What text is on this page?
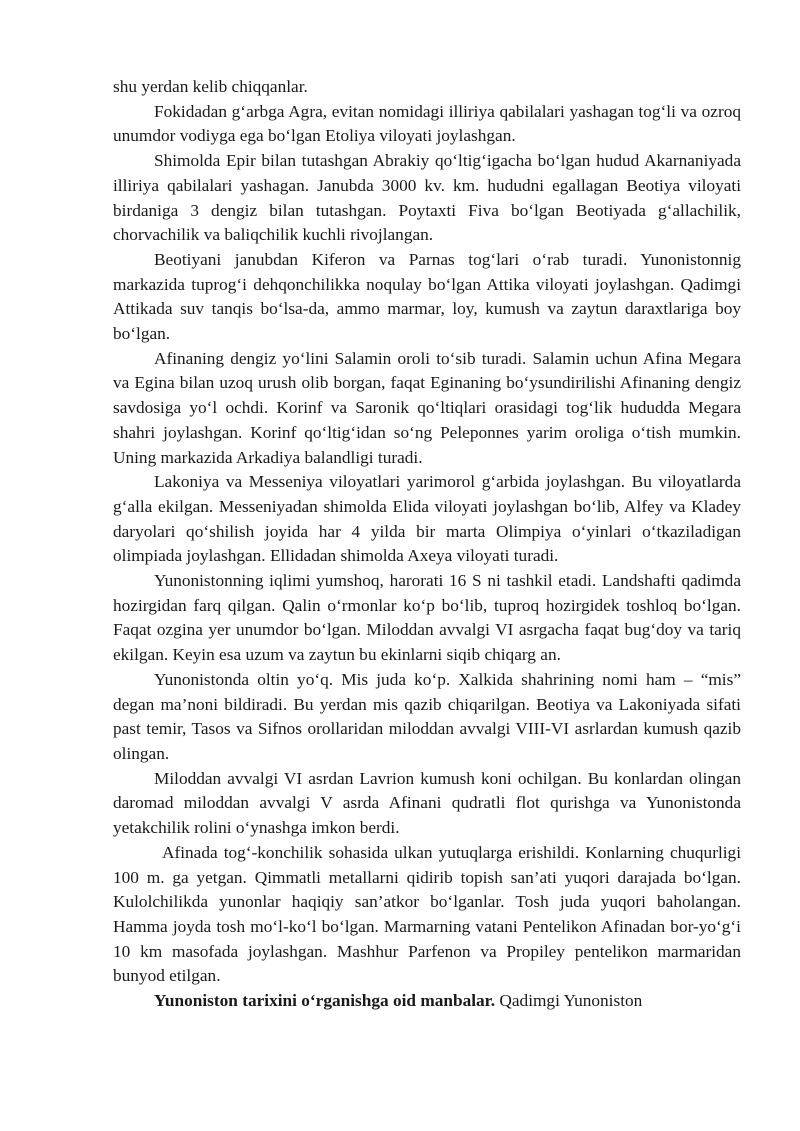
shu yerdan kelib chiqqanlar.

Fokidadan g‘arbga Agra, evitan nomidagi illiriya qabilalari yashagan tog‘li va ozroq unumdor vodiyga ega bo‘lgan Etoliya viloyati joylashgan.

Shimolda Epir bilan tutashgan Abrakiy qo‘ltig‘igacha bo‘lgan hudud Akarnaniyada illiriya qabilalari yashagan. Janubda 3000 kv. km. hududni egallagan Beotiya viloyati birdaniga 3 dengiz bilan tutashgan. Poytaxti Fiva bo‘lgan Beotiyada g‘allachilik, chorvachilik va baliqchilik kuchli rivojlangan.

Beotiyani janubdan Kiferon va Parnas tog‘lari o‘rab turadi. Yunonistonnig markazida tuprog‘i dehqonchilikka noqulay bo‘lgan Attika viloyati joylashgan. Qadimgi Attikada suv tanqis bo‘lsa-da, ammo marmar, loy, kumush va zaytun daraxtlariga boy bo‘lgan.

Afinaning dengiz yo‘lini Salamin oroli to‘sib turadi. Salamin uchun Afina Megara va Egina bilan uzoq urush olib borgan, faqat Eginaning bo‘ysundirilishi Afinaning dengiz savdosiga yo‘l ochdi. Korinf va Saronik qo‘ltiqlari orasidagi tog‘lik hududda Megara shahri joylashgan. Korinf qo‘ltig‘idan so‘ng Peleponnes yarim oroliga o‘tish mumkin. Uning markazida Arkadiya balandligi turadi.

Lakoniya va Messeniya viloyatlari yarimorol g‘arbida joylashgan. Bu viloyatlarda g‘alla ekilgan. Messeniyadan shimolda Elida viloyati joylashgan bo‘lib, Alfey va Kladey daryolari qo‘shilish joyida har 4 yilda bir marta Olimpiya o‘yinlari o‘tkaziladigan olimpiada joylashgan. Ellidadan shimolda Axeya viloyati turadi.

Yunonistonning iqlimi yumshoq, harorati 16 S ni tashkil etadi. Landshafti qadimda hozirgidan farq qilgan. Qalin o‘rmonlar ko‘p bo‘lib, tuproq hozirgidek toshloq bo‘lgan. Faqat ozgina yer unumdor bo‘lgan. Miloddan avvalgi VI asrgacha faqat bug‘doy va tariq ekilgan. Keyin esa uzum va zaytun bu ekinlarni siqib chiqarg an.

Yunonistonda oltin yo‘q. Mis juda ko‘p. Xalkida shahrining nomi ham – “mis” degan ma’noni bildiradi. Bu yerdan mis qazib chiqarilgan. Beotiya va Lakoniyada sifati past temir, Tasos va Sifnos orollaridan miloddan avvalgi VIII-VI asrlardan kumush qazib olingan.

Miloddan avvalgi VI asrdan Lavrion kumush koni ochilgan. Bu konlardan olingan daromad miloddan avvalgi V asrda Afinani qudratli flot qurishga va Yunonistonda yetakchilik rolini o‘ynashga imkon berdi.

Afinada tog‘-konchilik sohasida ulkan yutuqlarga erishildi. Konlarning chuqurligi 100 m. ga yetgan. Qimmatli metallarni qidirib topish san’ati yuqori darajada bo‘lgan. Kulolchilikda yunonlar haqiqiy san’atkor bo‘lganlar. Tosh juda yuqori baholangan. Hamma joyda tosh mo‘l-ko‘l bo‘lgan. Marmarning vatani Pentelikon Afinadan bor-yo‘g‘i 10 km masofada joylashgan. Mashhur Parfenon va Propiley pentelikon marmaridan bunyod etilgan.

Yunoniston tarixini o‘rganishga oid manbalar. Qadimgi Yunoniston
